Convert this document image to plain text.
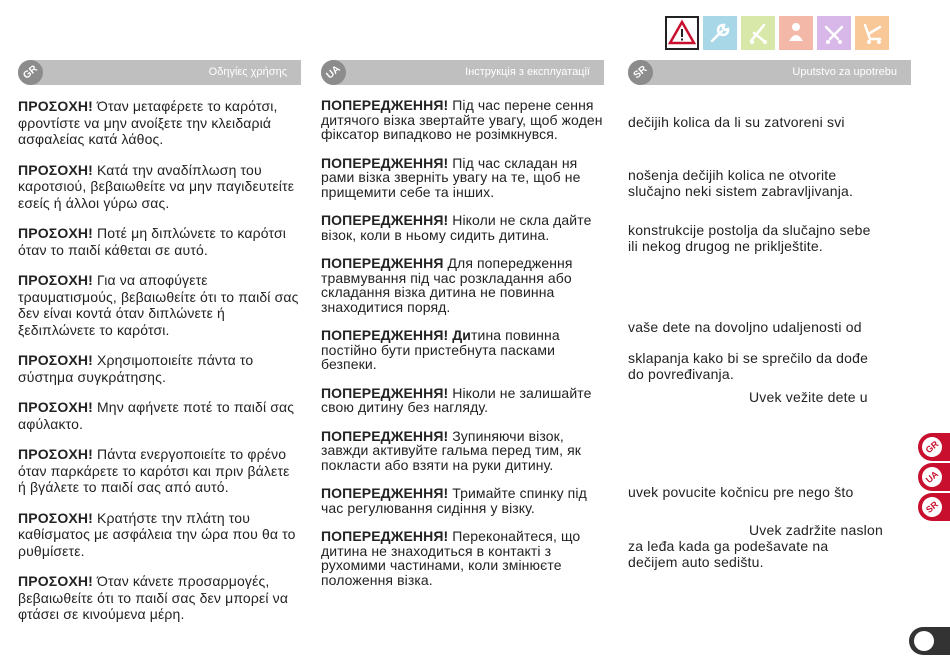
GR	Οδηγίες χρήσης

ΠΡΟΣΟΧΗ! Όταν μεταφέρετε το καρότσι, φροντίστε να μην ανοίξετε την κλειδαριά ασφαλείας κατά λάθος.

ΠΡΟΣΟΧΗ! Κατά την αναδίπλωση του καροτσιού, βεβαιωθείτε να μην παγιδευτείτε εσείς ή άλλοι γύρω σας.

ΠΡΟΣΟΧΗ! Ποτέ μη διπλώνετε το καρότσι όταν το παιδί κάθεται σε αυτό.

ΠΡΟΣΟΧΗ! Για να αποφύγετε τραυματισμούς, βεβαιωθείτε ότι το παιδί σας δεν είναι κοντά όταν διπλώνετε ή ξεδιπλώνετε το καρότσι.

ΠΡΟΣΟΧΗ! Χρησιμοποιείτε πάντα το σύστημα συγκράτησης.

ΠΡΟΣΟΧΗ! Μην αφήνετε ποτέ το παιδί σας αφύλακτο.

ΠΡΟΣΟΧΗ! Πάντα ενεργοποιείτε το φρένο όταν παρκάρετε το καρότσι και πριν βάλετε ή βγάλετε το παιδί σας από αυτό.

ΠΡΟΣΟΧΗ! Κρατήστε την πλάτη του καθίσματος με ασφάλεια την ώρα που θα το ρυθμίσετε.

ΠΡΟΣΟΧΗ! Όταν κάνετε προσαρμογές, βεβαιωθείτε ότι το παιδί σας δεν μπορεί να φτάσει σε κινούμενα μέρη.

UA	Інструкція з експлуатації

ПОПЕРЕДЖЕННЯ! Під час перене сення дитячого візка звертайте увагу, щоб жоден фіксатор випадково не розімкнувся.

ПОПЕРЕДЖЕННЯ! Під час складан ня рами візка зверніть увагу на те, щоб не прищемити себе та інших.

ПОПЕРЕДЖЕННЯ! Ніколи не скла дайте візок, коли в ньому сидить дитина.

ПОПЕРЕДЖЕННЯ Для попередження травмування під час розкладання або складання візка дитина не повинна знаходитися поряд.

ПОПЕРЕДЖЕННЯ! Дитина повинна постійно бути пристебнута пасками безпеки.

ПОПЕРЕДЖЕННЯ! Ніколи не залишайте свою дитину без нагляду.

ПОПЕРЕДЖЕННЯ! Зупиняючи візок, завжди активуйте гальма перед тим, як покласти або взяти на руки дитину.

ПОПЕРЕДЖЕННЯ! Тримайте спинку під час регулювання сидіння у візку.

ПОПЕРЕДЖЕННЯ! Переконайтеся, що дитина не знаходиться в контакті з рухомими частинами, коли змінюєте положення візка.

SR	Uputstvo za upotrebu
dečijih kolica da li su zatvoreni svi
nošenja dečijih kolica ne otvorite
slučajno neki sistem zabravljivanja.
konstrukcije postolja da slučajno sebe
ili nekog drugog ne priklještite.
vaše dete na dovoljno udaljenosti od
sklapanja kako bi se sprečilo da dođe
do povređivanja.
Uvek vežite dete u
uvek povucite kočnicu pre nego što
Uvek zadržite naslon
za leđa kada ga podešavate na
dečijem auto sedištu.
GR
UA
SR
